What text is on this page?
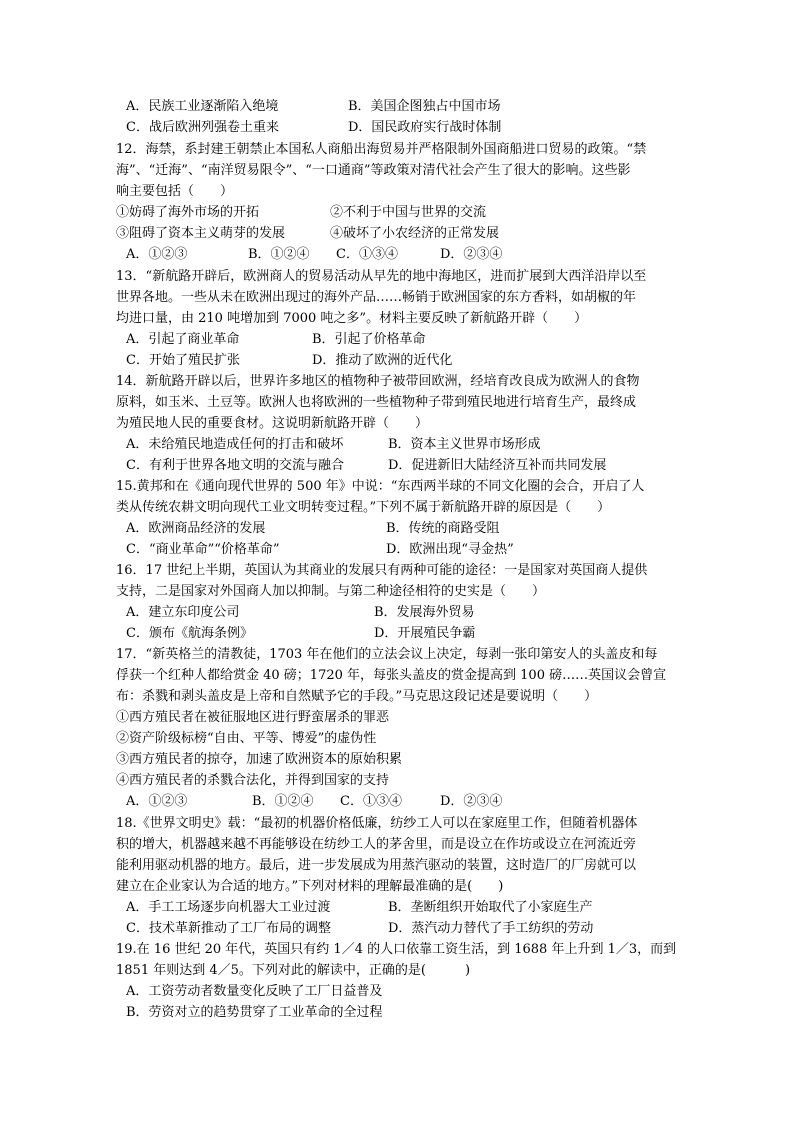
A．民族工业逐渐陷入绝境	B．美国企图独占中国市场
C．战后欧洲列强卷土重来	D．国民政府实行战时体制
12．海禁，系封建王朝禁止本国私人商船出海贸易并严格限制外国商船进口贸易的政策。“禁
海”、“迁海”、“南洋贸易限令”、“一口通商”等政策对清代社会产生了很大的影响。这些影
响主要包括（　　）
①妨碍了海外市场的开拓	②不利于中国与世界的交流
③阻碍了资本主义萌芽的发展	④破坏了小农经济的正常发展
A．①②③	B．①②④ C．①③④	D．②③④
13．“新航路开辟后，欧洲商人的贸易活动从早先的地中海地区，进而扩展到大西洋沿岸以至
世界各地。一些从未在欧洲出现过的海外产品……畅销于欧洲国家的东方香料，如胡椒的年
均进口量，由 210 吨增加到 7000 吨之多”。材料主要反映了新航路开辟（　　）
A．引起了商业革命	B．引起了价格革命
C．开始了殖民扩张	D．推动了欧洲的近代化
14．新航路开辟以后，世界许多地区的植物种子被带回欧洲，经培育改良成为欧洲人的食物
原料，如玉米、土豆等。欧洲人也将欧洲的一些植物种子带到殖民地进行培育生产，最终成
为殖民地人民的重要食材。这说明新航路开辟（　　）
A．未给殖民地造成任何的打击和破坏	B．资本主义世界市场形成
C．有利于世界各地文明的交流与融合	D．促进新旧大陆经济互补而共同发展
15.黄邦和在《通向现代世界的 500 年》中说：“东西两半球的不同文化圈的会合，开启了人
类从传统农耕文明向现代工业文明转变过程。”下列不属于新航路开辟的原因是（　　）
A．欧洲商品经济的发展	B．传统的商路受阻
C．“商业革命”“价格革命”	D．欧洲出现“寻金热”
16．17 世纪上半期，英国认为其商业的发展只有两种可能的途径：一是国家对英国商人提供
支持，二是国家对外国商人加以抑制。与第二种途径相符的史实是（　　）
A．建立东印度公司	B．发展海外贸易
C．颁布《航海条例》	D．开展殖民争霸
17．“新英格兰的清教徒，1703 年在他们的立法会议上决定，每剥一张印第安人的头盖皮和每
俘获一个红种人都给赏金 40 磅；1720 年，每张头盖皮的赏金提高到 100 磅……英国议会曾宣
布：杀戮和剥头盖皮是上帝和自然赋予它的手段。”马克思这段记述是要说明（　　）
①西方殖民者在被征服地区进行野蛮屠杀的罪恶
②资产阶级标榜“自由、平等、博爱”的虚伪性
③西方殖民者的掠夺，加速了欧洲资本的原始积累
④西方殖民者的杀戮合法化，并得到国家的支持
A．①②③	B．①②④ C．①③④	D．②③④
18.《世界文明史》载：“最初的机器价格低廉，纺纱工人可以在家庭里工作，但随着机器体
积的增大，机器越来越不再能够设在纺纱工人的茅舍里，而是设立在作坊或设立在河流近旁
能利用驱动机器的地方。最后，进一步发展成为用蒸汽驱动的装置，这时造厂的厂房就可以
建立在企业家认为合适的地方。”下列对材料的理解最准确的是(　　)
A．手工工场逐步向机器大工业过渡	B．垄断组织开始取代了小家庭生产
C．技术革新推动了工厂布局的调整	D．蒸汽动力替代了手工纺织的劳动
19.在 16 世纪 20 年代，英国只有约 1／4 的人口依靠工资生活，到 1688 年上升到 1／3，而到
1851 年则达到 4／5。下列对此的解读中，正确的是(　　　)
A．工资劳动者数量变化反映了工厂日益普及
B．劳资对立的趋势贯穿了工业革命的全过程
